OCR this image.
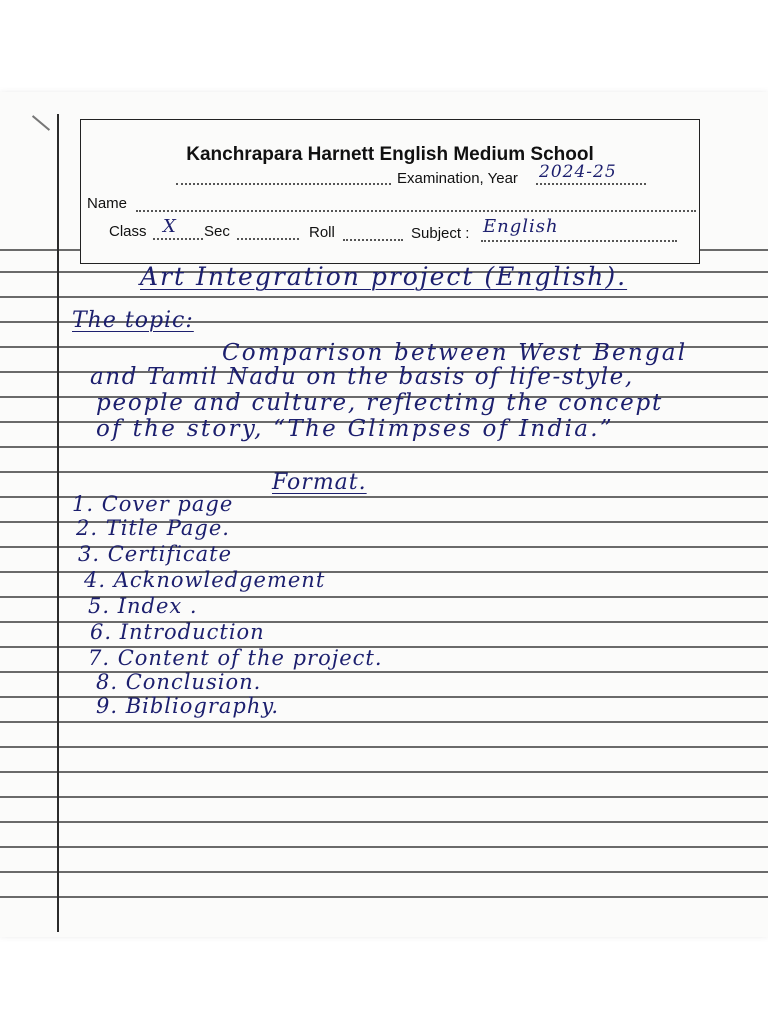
Kanchrapara Harnett English Medium School
Examination, Year 2024-25
Name
Class X Sec	Roll	Subject : English
Art Integration project (English).
The topic:
Comparison between West Bengal
and Tamil Nadu on the basis of life-style,
people and culture, reflecting the concept
of the story, “The Glimpses of India.”
Format.
1. Cover page
2. Title Page.
3. Certificate
4. Acknowledgement
5. Index .
6. Introduction
7. Content of the project.
8. Conclusion.
9. Bibliography.
